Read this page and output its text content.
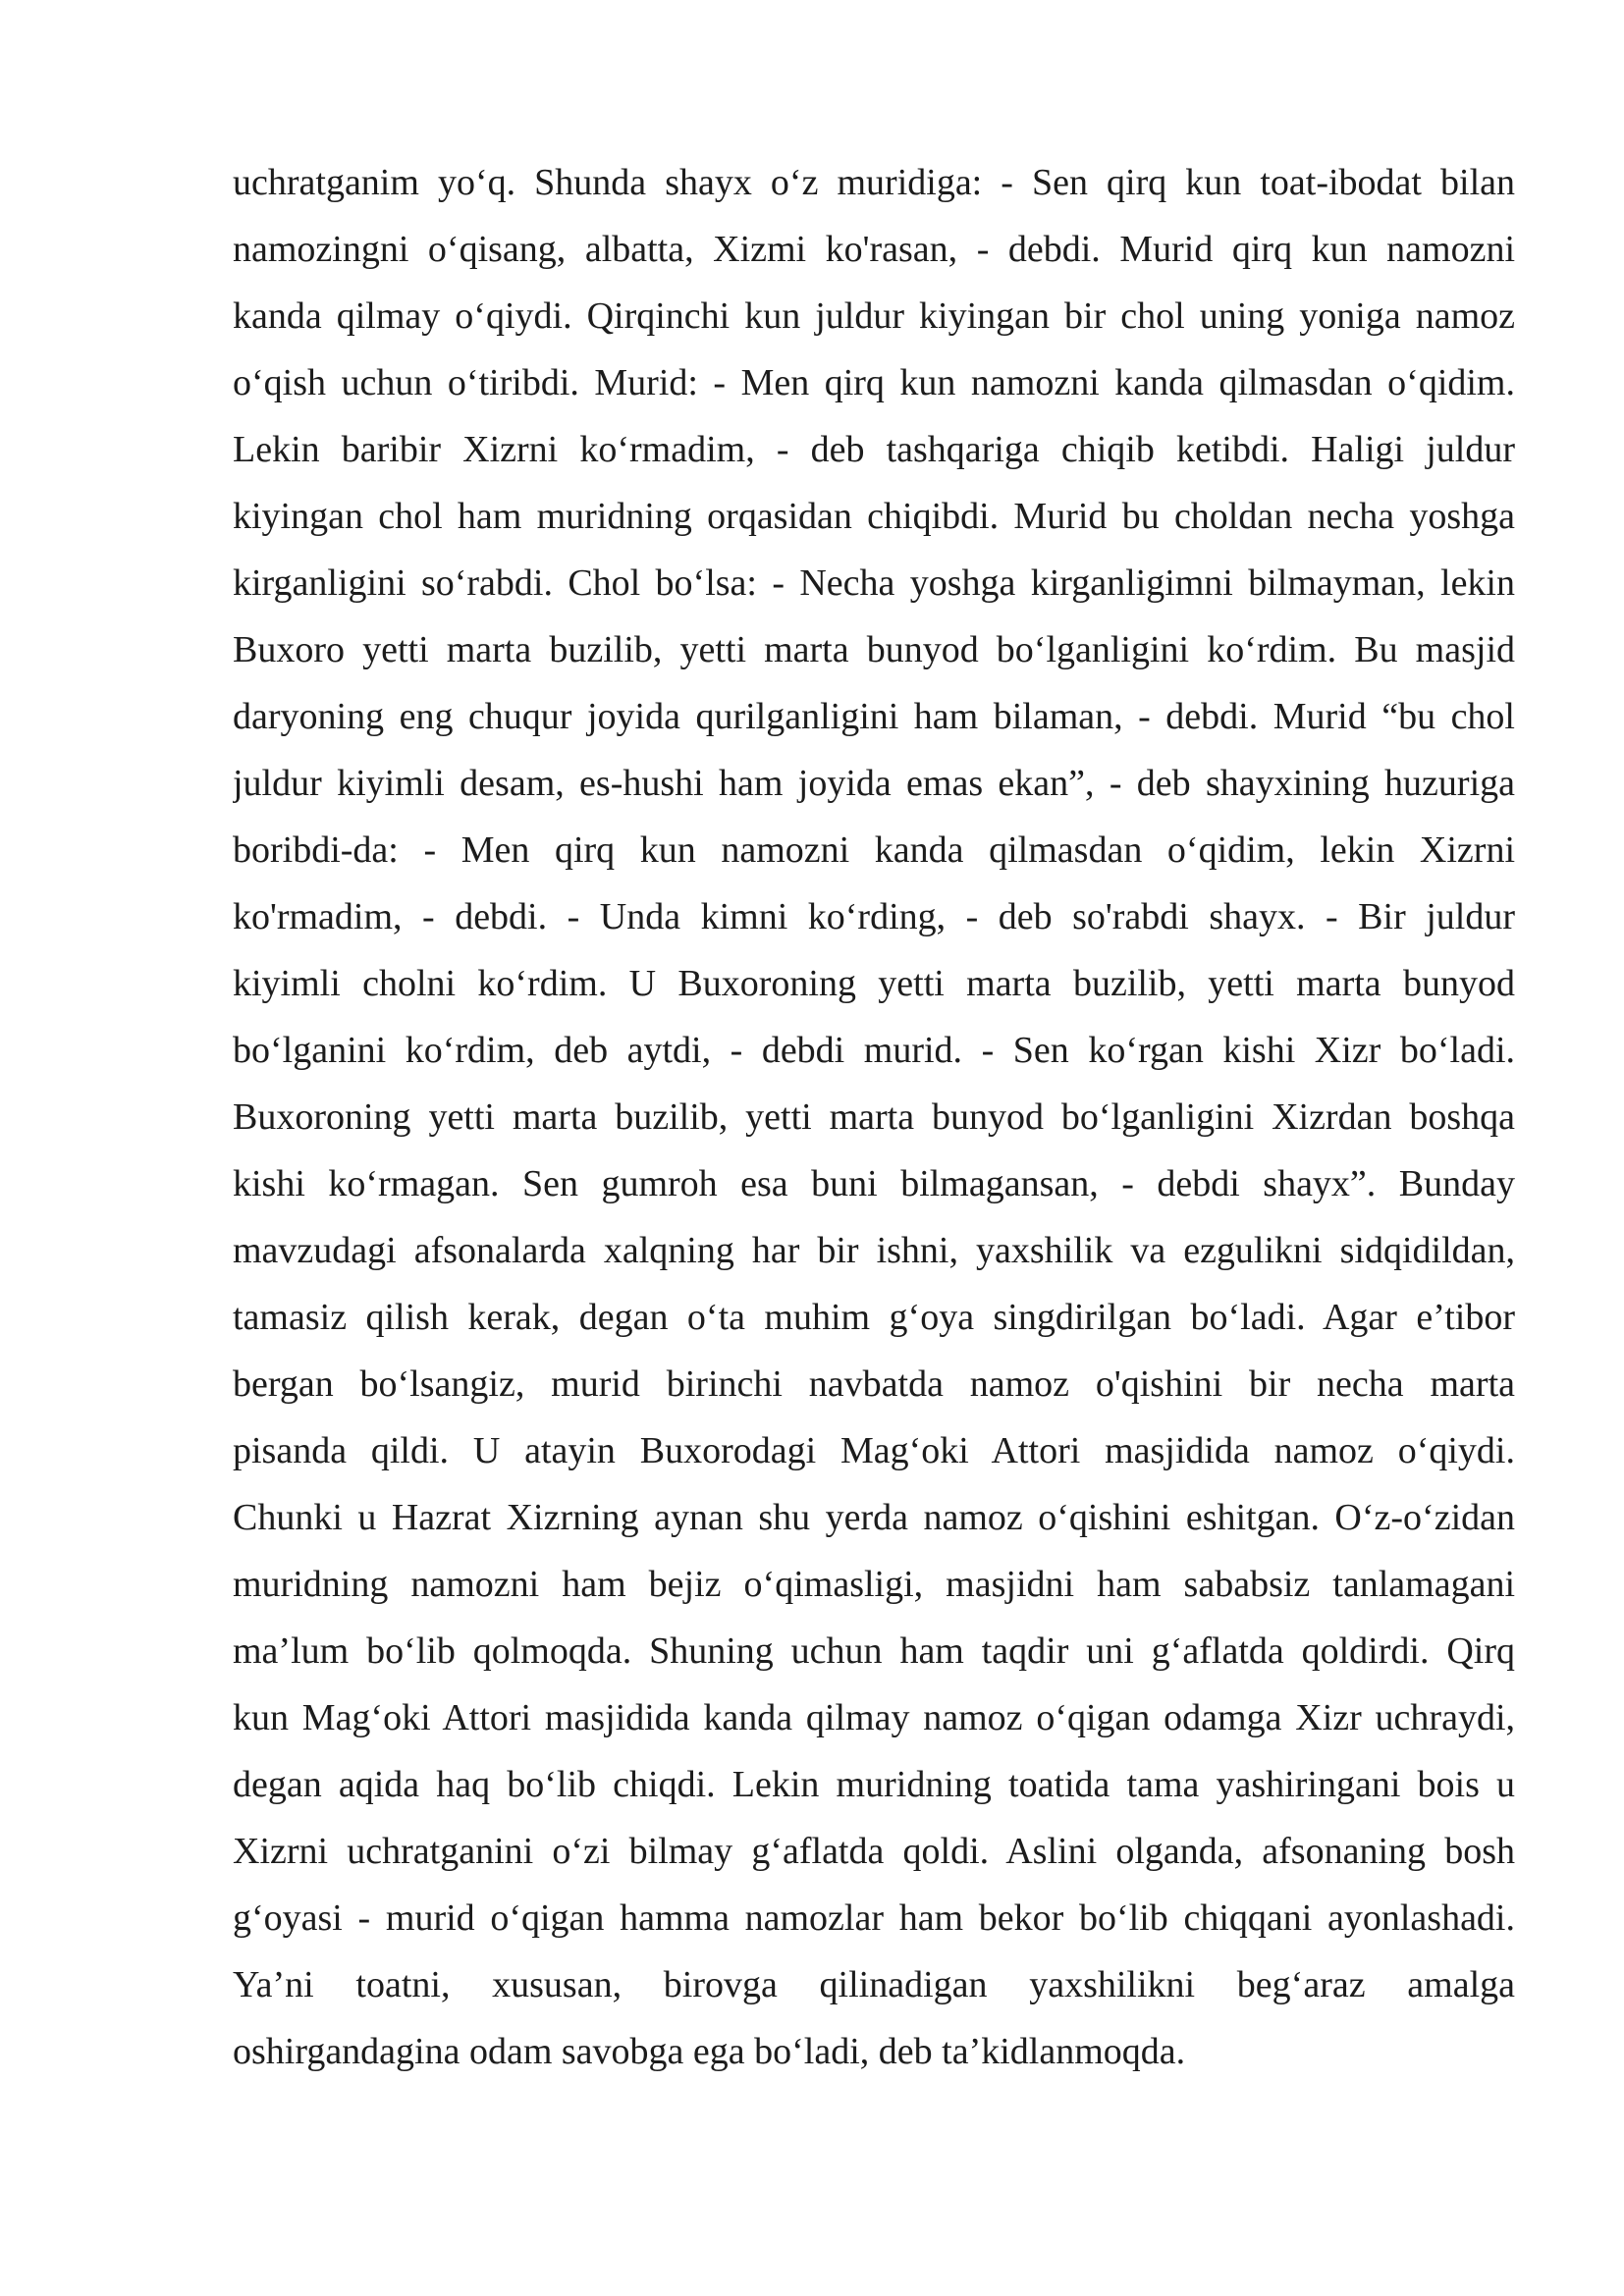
uchratganim yo‘q. Shunda shayx o‘z muridiga: - Sen qirq kun toat-ibodat bilan
namozingni o‘qisang, albatta, Xizmi ko'rasan, - debdi. Murid qirq kun namozni
kanda qilmay o‘qiydi. Qirqinchi kun juldur kiyingan bir chol uning yoniga namoz
o‘qish uchun o‘tiribdi. Murid: - Men qirq kun namozni kanda qilmasdan o‘qidim.
Lekin baribir Xizrni ko‘rmadim, - deb tashqariga chiqib ketibdi. Haligi juldur
kiyingan chol ham muridning orqasidan chiqibdi. Murid bu choldan necha yoshga
kirganligini so‘rabdi. Chol bo‘lsa: - Necha yoshga kirganligimni bilmayman, lekin
Buxoro yetti marta buzilib, yetti marta bunyod bo‘lganligini ko‘rdim. Bu masjid
daryoning eng chuqur joyida qurilganligini ham bilaman, - debdi. Murid “bu chol
juldur kiyimli desam, es-hushi ham joyida emas ekan”, - deb shayxining huzuriga
boribdi-da: - Men qirq kun namozni kanda qilmasdan o‘qidim, lekin Xizrni
ko'rmadim, - debdi. - Unda kimni ko‘rding, - deb so'rabdi shayx. - Bir juldur
kiyimli cholni ko‘rdim. U Buxoroning yetti marta buzilib, yetti marta bunyod
bo‘lganini ko‘rdim, deb aytdi, - debdi murid. - Sen ko‘rgan kishi Xizr bo‘ladi.
Buxoroning yetti marta buzilib, yetti marta bunyod bo‘lganligini Xizrdan boshqa
kishi ko‘rmagan. Sen gumroh esa buni bilmagansan, - debdi shayx”. Bunday
mavzudagi afsonalarda xalqning har bir ishni, yaxshilik va ezgulikni sidqidildan,
tamasiz qilish kerak, degan o‘ta muhim g‘oya singdirilgan bo‘ladi. Agar e’tibor
bergan bo‘lsangiz, murid birinchi navbatda namoz o'qishini bir necha marta
pisanda qildi. U atayin Buxorodagi Mag‘oki Attori masjidida namoz o‘qiydi.
Chunki u Hazrat Xizrning aynan shu yerda namoz o‘qishini eshitgan. O‘z-o‘zidan
muridning namozni ham bejiz o‘qimasligi, masjidni ham sababsiz tanlamagani
ma’lum bo‘lib qolmoqda. Shuning uchun ham taqdir uni g‘aflatda qoldirdi. Qirq
kun Mag‘oki Attori masjidida kanda qilmay namoz o‘qigan odamga Xizr uchraydi,
degan aqida haq bo‘lib chiqdi. Lekin muridning toatida tama yashiringani bois u
Xizrni uchratganini o‘zi bilmay g‘aflatda qoldi. Aslini olganda, afsonaning bosh
g‘oyasi - murid o‘qigan hamma namozlar ham bekor bo‘lib chiqqani ayonlashadi.
Ya’ni toatni, xususan, birovga qilinadigan yaxshilikni beg‘araz amalga
oshirgandagina odam savobga ega bo‘ladi, deb ta’kidlanmoqda.
